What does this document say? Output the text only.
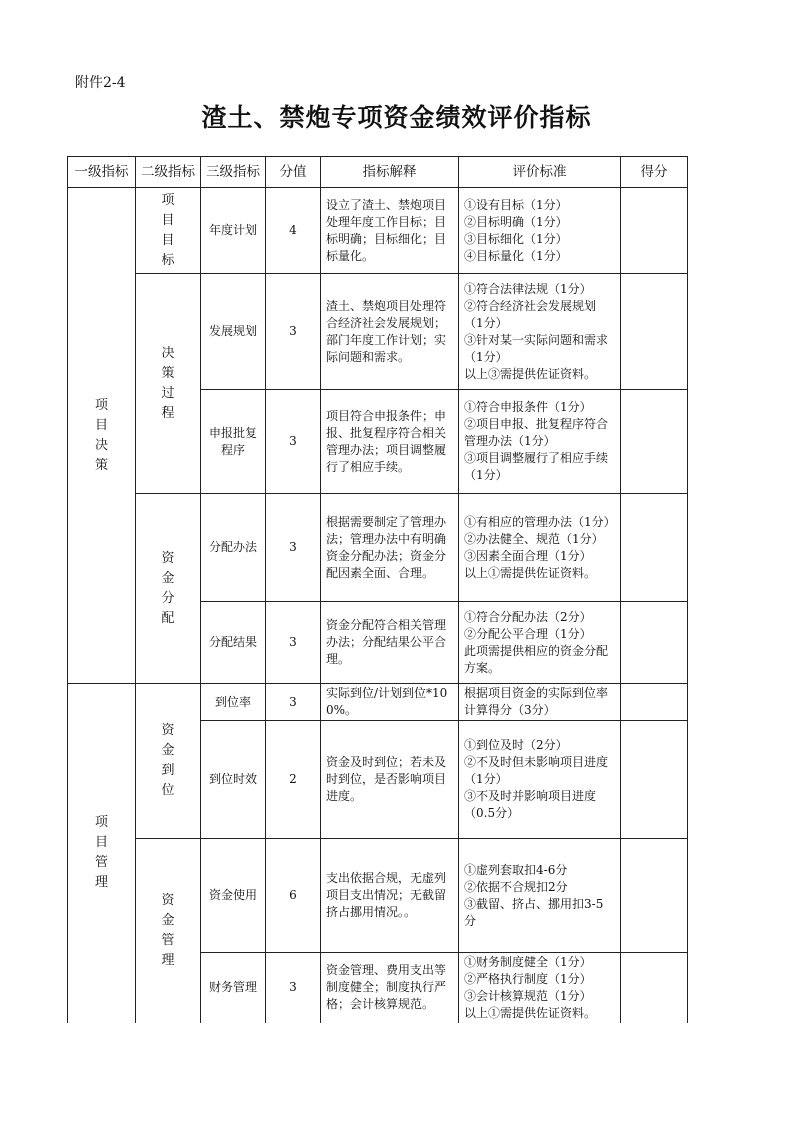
附件2-4
渣土、禁炮专项资金绩效评价指标
一级指标	二级指标	三级指标	分值	指标解释	评价标准	得分
项目决策	项目目标	年度计划	4	设立了渣土、禁炮项目处理年度工作目标；目标明确；目标细化；目标量化。	①设有目标（1分）
②目标明确（1分）
③目标细化（1分）
④目标量化（1分）	

	决策过程	发展规划	3	渣土、禁炮项目处理符合经济社会发展规划；部门年度工作计划；实际问题和需求。	①符合法律法规（1分）
②符合经济社会发展规划（1分）
③针对某一实际问题和需求（1分）
以上③需提供佐证资料。	

		申报批复程序	3	项目符合申报条件；申报、批复程序符合相关管理办法；项目调整履行了相应手续。	①符合申报条件（1分）
②项目申报、批复程序符合管理办法（1分）
③项目调整履行了相应手续（1分）	

	资金分配	分配办法	3	根据需要制定了管理办法；管理办法中有明确资金分配办法；资金分配因素全面、合理。	①有相应的管理办法（1分）
②办法健全、规范（1分）
③因素全面合理（1分）
以上①需提供佐证资料。	

		分配结果	3	资金分配符合相关管理办法；分配结果公平合理。	①符合分配办法（2分）
②分配公平合理（1分）
此项需提供相应的资金分配方案。	

项目管理	资金到位	到位率	3	实际到位/计划到位*100%。	根据项目资金的实际到位率计算得分（3分）	

		到位时效	2	资金及时到位；若未及时到位，是否影响项目进度。	①到位及时（2分）
②不及时但未影响项目进度（1分）
③不及时并影响项目进度（0.5分）	

	资金管理	资金使用	6	支出依据合规，无虚列项目支出情况；无截留挤占挪用情况。。	①虚列套取扣4-6分
②依据不合规扣2分
③截留、挤占、挪用扣3-5分	

		财务管理	3	资金管理、费用支出等制度健全；制度执行严格；会计核算规范。	①财务制度健全（1分）
②严格执行制度（1分）
③会计核算规范（1分）
以上①需提供佐证资料。	
